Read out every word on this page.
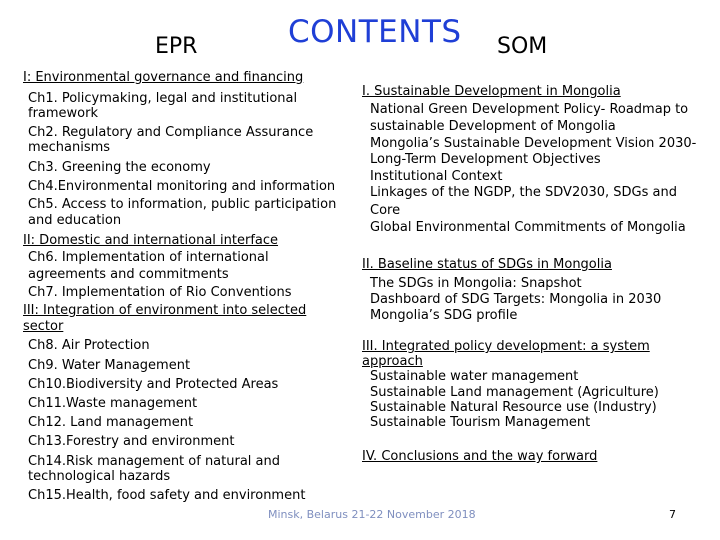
CONTENTS
EPR	SOM
I: Environmental governance and financing
Ch1. Policymaking, legal and institutional
framework
Ch2. Regulatory and Compliance Assurance
mechanisms
Ch3. Greening the economy
Ch4.Environmental monitoring and information
Ch5. Access to information, public participation
and education
II: Domestic and international interface
Ch6. Implementation of international
agreements and commitments
Ch7. Implementation of Rio Conventions
III: Integration of environment into selected
sector
Ch8. Air Protection
Ch9. Water Management
Ch10.Biodiversity and Protected Areas
Ch11.Waste management
Ch12. Land management
Ch13.Forestry and environment
Ch14.Risk management of natural and
technological hazards
Ch15.Health, food safety and environment
I. Sustainable Development in Mongolia
National Green Development Policy- Roadmap to
sustainable Development of Mongolia
Mongolia’s Sustainable Development Vision 2030-
Long-Term Development Objectives
Institutional Context
Linkages of the NGDP, the SDV2030, SDGs and
Core
Global Environmental Commitments of Mongolia
II. Baseline status of SDGs in Mongolia
The SDGs in Mongolia: Snapshot
Dashboard of SDG Targets: Mongolia in 2030
Mongolia’s SDG profile
III. Integrated policy development: a system
approach
Sustainable water management
Sustainable Land management (Agriculture)
Sustainable Natural Resource use (Industry)
Sustainable Tourism Management
IV. Conclusions and the way forward
Minsk, Belarus 21-22 November 2018	7
